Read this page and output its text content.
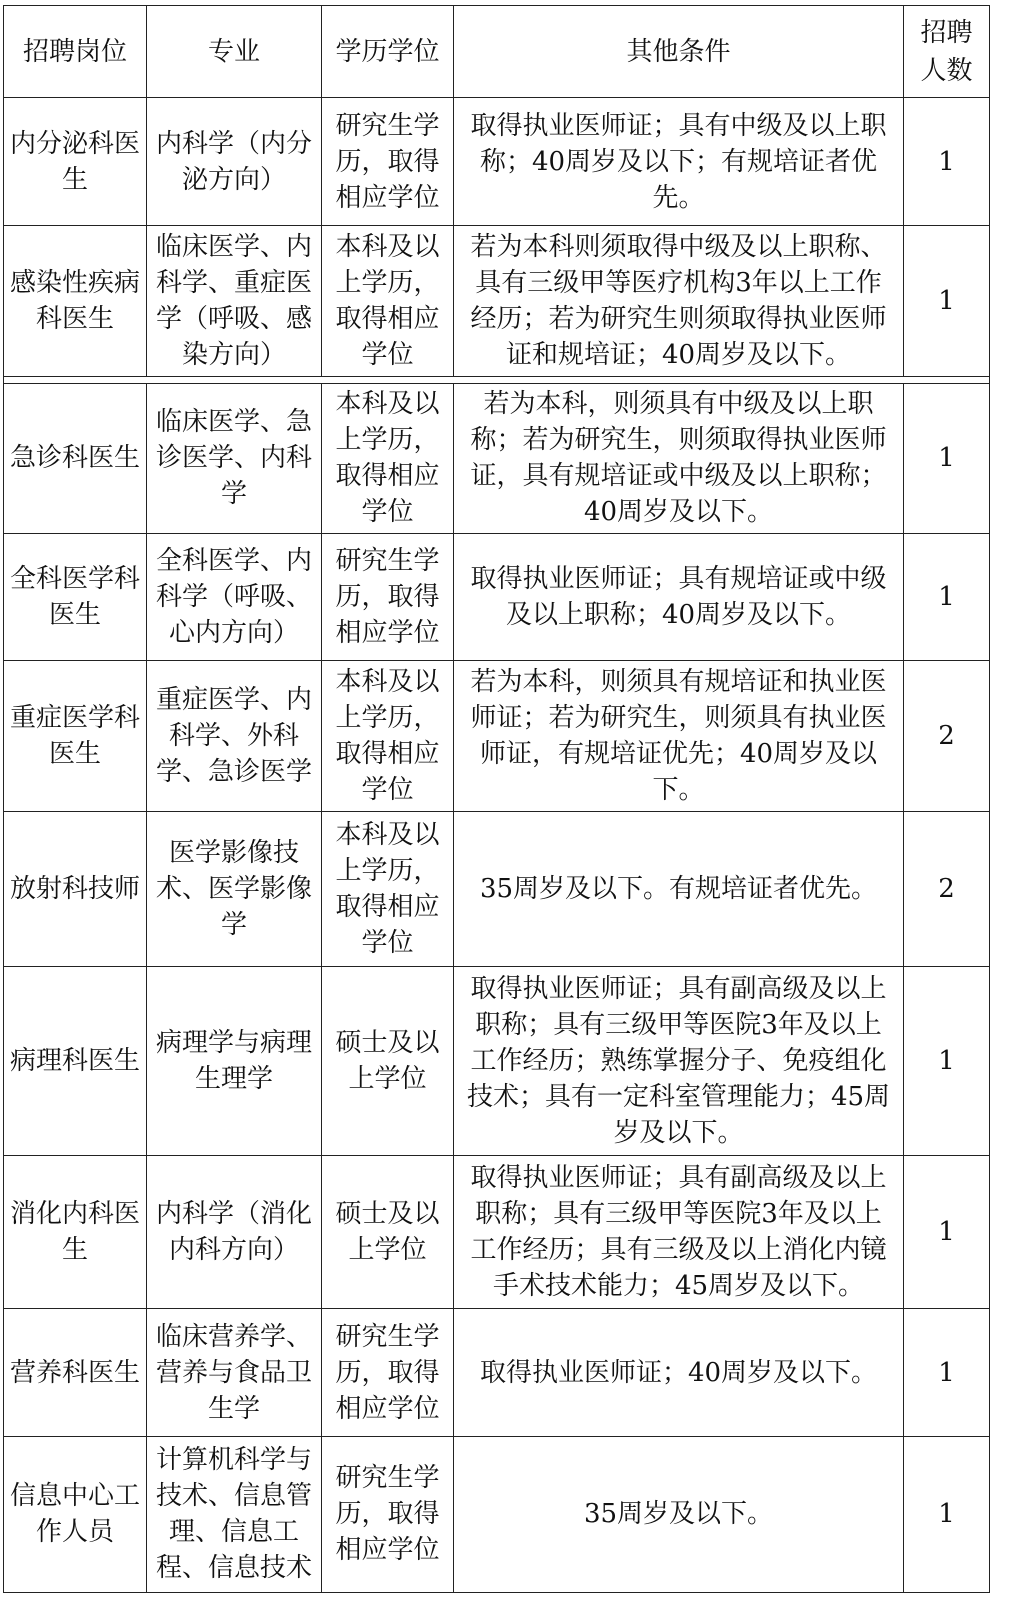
招聘岗位	专业	学历学位	其他条件	招聘人数
内分泌科医生	内科学（内分泌方向）	研究生学历，取得相应学位	取得执业医师证；具有中级及以上职称；40周岁及以下；有规培证者优先。	1
感染性疾病科医生	临床医学、内科学、重症医学（呼吸、感染方向）	本科及以上学历，取得相应学位	若为本科则须取得中级及以上职称、具有三级甲等医疗机构3年以上工作经历；若为研究生则须取得执业医师证和规培证；40周岁及以下。	1

急诊科医生	临床医学、急诊医学、内科学	本科及以上学历，取得相应学位	若为本科，则须具有中级及以上职称；若为研究生，则须取得执业医师证，具有规培证或中级及以上职称；40周岁及以下。	1
全科医学科医生	全科医学、内科学（呼吸、心内方向）	研究生学历，取得相应学位	取得执业医师证；具有规培证或中级及以上职称；40周岁及以下。	1
重症医学科医生	重症医学、内科学、外科学、急诊医学	本科及以上学历，取得相应学位	若为本科，则须具有规培证和执业医师证；若为研究生，则须具有执业医师证，有规培证优先；40周岁及以下。	2
放射科技师	医学影像技术、医学影像学	本科及以上学历，取得相应学位	35周岁及以下。有规培证者优先。	2
病理科医生	病理学与病理生理学	硕士及以上学位	取得执业医师证；具有副高级及以上职称；具有三级甲等医院3年及以上工作经历；熟练掌握分子、免疫组化技术；具有一定科室管理能力；45周岁及以下。	1
消化内科医生	内科学（消化内科方向）	硕士及以上学位	取得执业医师证；具有副高级及以上职称；具有三级甲等医院3年及以上工作经历；具有三级及以上消化内镜手术技术能力；45周岁及以下。	1
营养科医生	临床营养学、营养与食品卫生学	研究生学历，取得相应学位	取得执业医师证；40周岁及以下。	1
信息中心工作人员	计算机科学与技术、信息管理、信息工程、信息技术	研究生学历，取得相应学位	35周岁及以下。	1
